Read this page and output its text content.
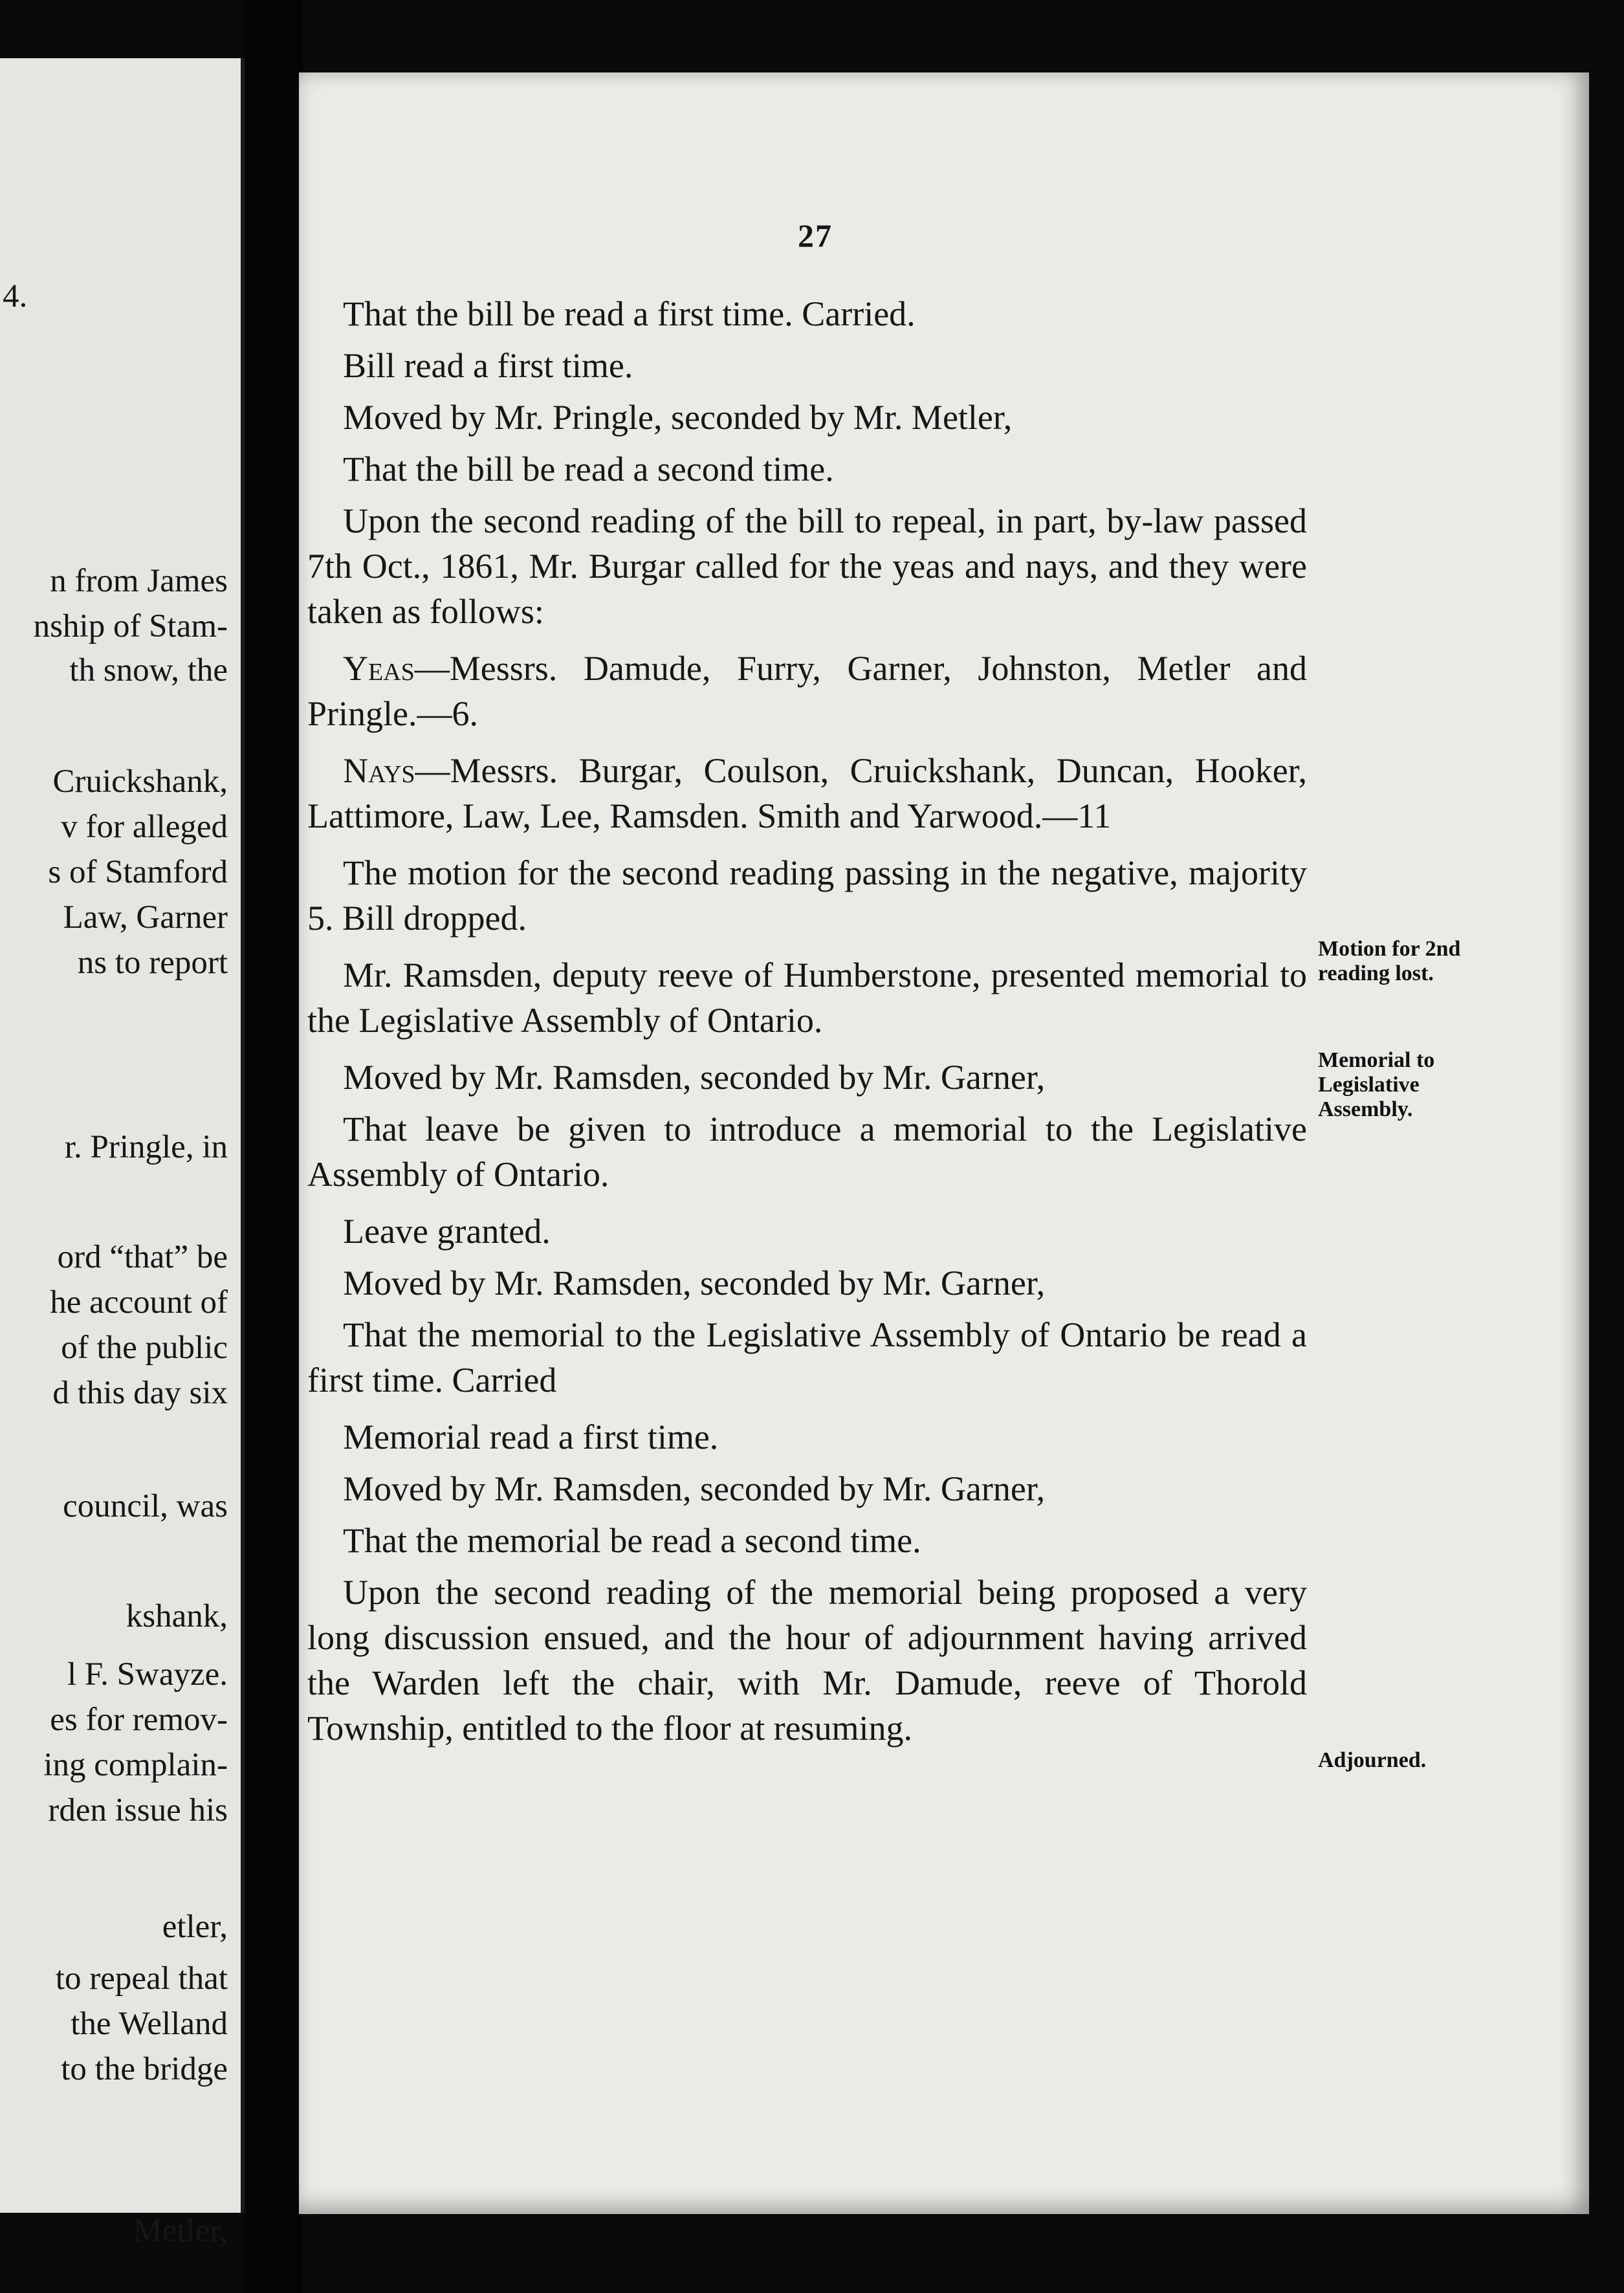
4.
n from James
nship of Stam-
th snow, the
Cruickshank,
v for alleged
s of Stamford
Law, Garner
ns to report
r. Pringle, in
ord “that” be
he account of
of the public
d this day six
council, was
kshank,
l F. Swayze.
es for remov-
ing complain-
rden issue his
etler,
to repeal that
the Welland
to the bridge
Metler,
27

That the bill be read a first time. Carried.

Bill read a first time.

Moved by Mr. Pringle, seconded by Mr. Metler,

That the bill be read a second time.

Upon the second reading of the bill to repeal, in part, by-law passed 7th Oct., 1861, Mr. Burgar called for the yeas and nays, and they were taken as follows:

Yeas—Messrs. Damude, Furry, Garner, Johnston, Metler and Pringle.—6.

Nays—Messrs. Burgar, Coulson, Cruickshank, Duncan, Hooker, Lattimore, Law, Lee, Ramsden. Smith and Yarwood.—11

The motion for the second reading passing in the negative, majority 5. Bill dropped.

Mr. Ramsden, deputy reeve of Humberstone, presented memorial to the Legislative Assembly of Ontario.

Moved by Mr. Ramsden, seconded by Mr. Garner,

That leave be given to introduce a memorial to the Legislative Assembly of Ontario.

Leave granted.

Moved by Mr. Ramsden, seconded by Mr. Garner,

That the memorial to the Legislative Assembly of Ontario be read a first time. Carried

Memorial read a first time.

Moved by Mr. Ramsden, seconded by Mr. Garner,

That the memorial be read a second time.

Upon the second reading of the memorial being proposed a very long discussion ensued, and the hour of adjournment having arrived the Warden left the chair, with Mr. Damude, reeve of Thorold Township, entitled to the floor at resuming.

Motion for 2nd
reading lost.
Memorial to
Legislative
Assembly.
Adjourned.
